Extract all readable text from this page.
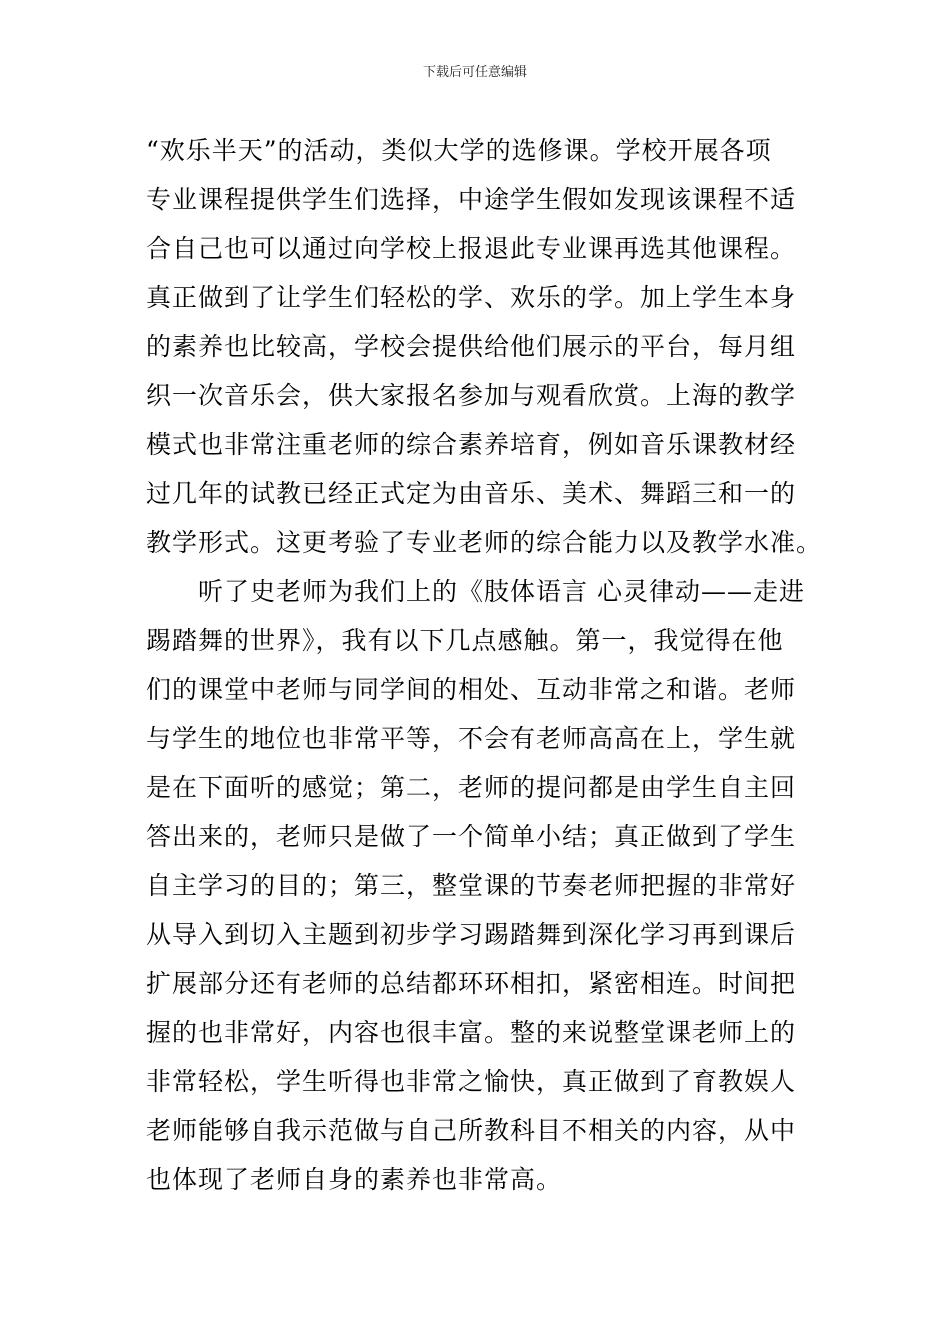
下载后可任意编辑
“欢乐半天”的活动，类似大学的选修课。学校开展各项
专业课程提供学生们选择，中途学生假如发现该课程不适
合自己也可以通过向学校上报退此专业课再选其他课程。
真正做到了让学生们轻松的学、欢乐的学。加上学生本身
的素养也比较高，学校会提供给他们展示的平台，每月组
织一次音乐会，供大家报名参加与观看欣赏。上海的教学
模式也非常注重老师的综合素养培育，例如音乐课教材经
过几年的试教已经正式定为由音乐、美术、舞蹈三和一的
教学形式。这更考验了专业老师的综合能力以及教学水准。
听了史老师为我们上的《肢体语言 心灵律动——走进
踢踏舞的世界》，我有以下几点感触。第一，我觉得在他
们的课堂中老师与同学间的相处、互动非常之和谐。老师
与学生的地位也非常平等，不会有老师高高在上，学生就
是在下面听的感觉；第二，老师的提问都是由学生自主回
答出来的，老师只是做了一个简单小结；真正做到了学生
自主学习的目的；第三，整堂课的节奏老师把握的非常好
从导入到切入主题到初步学习踢踏舞到深化学习再到课后
扩展部分还有老师的总结都环环相扣，紧密相连。时间把
握的也非常好，内容也很丰富。整的来说整堂课老师上的
非常轻松，学生听得也非常之愉快，真正做到了育教娱人
老师能够自我示范做与自己所教科目不相关的内容，从中
也体现了老师自身的素养也非常高。
